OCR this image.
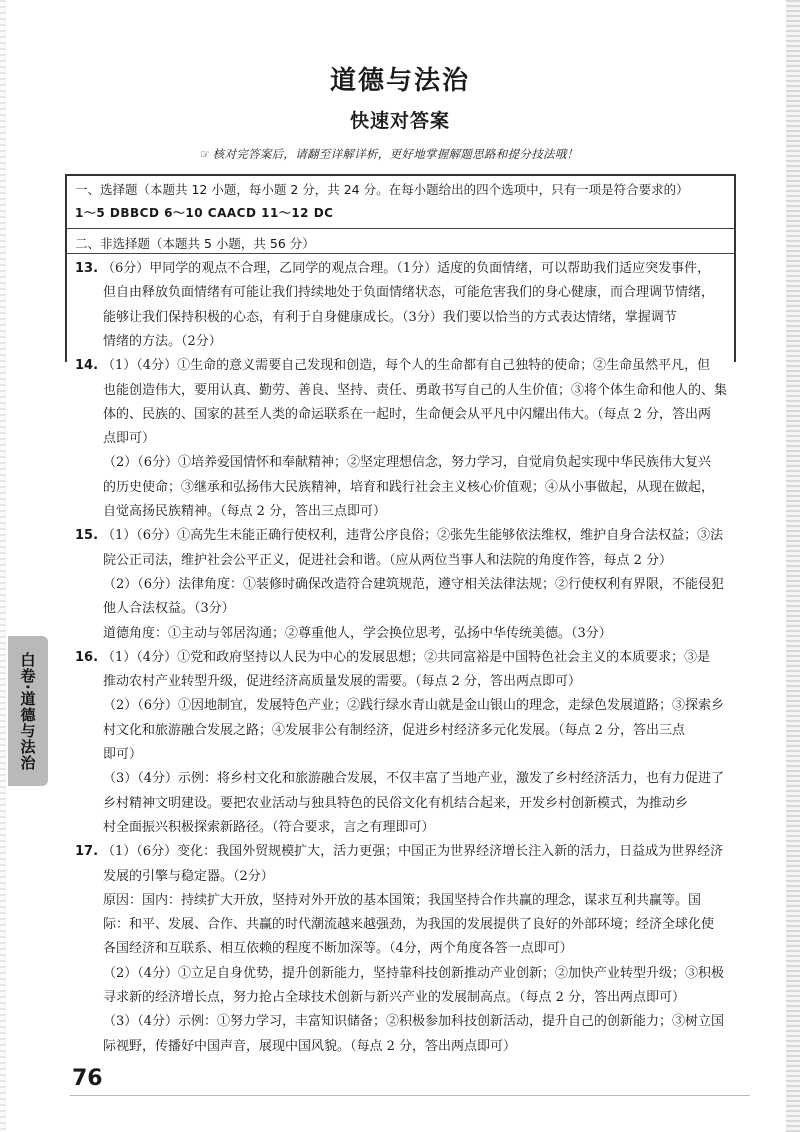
道德与法治
快速对答案
☞ 核对完答案后，请翻至详解详析，更好地掌握解题思路和提分技法哦！
一、选择题（本题共 12 小题，每小题 2 分，共 24 分。在每小题给出的四个选项中，只有一项是符合要求的）
1～5 DBBCD 6～10 CAACD 11～12 DC
二、非选择题（本题共 5 小题，共 56 分）
13. （6分）甲同学的观点不合理，乙同学的观点合理。（1分）适度的负面情绪，可以帮助我们适应突发事件，
但自由释放负面情绪有可能让我们持续地处于负面情绪状态，可能危害我们的身心健康，而合理调节情绪，
能够让我们保持积极的心态，有利于自身健康成长。（3分）我们要以恰当的方式表达情绪，掌握调节
情绪的方法。（2分）
14. （1）（4分）①生命的意义需要自己发现和创造，每个人的生命都有自己独特的使命；②生命虽然平凡，但
也能创造伟大，要用认真、勤劳、善良、坚持、责任、勇敢书写自己的人生价值；③将个体生命和他人的、集
体的、民族的、国家的甚至人类的命运联系在一起时，生命便会从平凡中闪耀出伟大。（每点 2 分，答出两
点即可）
（2）（6分）①培养爱国情怀和奉献精神；②坚定理想信念，努力学习，自觉肩负起实现中华民族伟大复兴
的历史使命；③继承和弘扬伟大民族精神，培育和践行社会主义核心价值观；④从小事做起，从现在做起，
自觉高扬民族精神。（每点 2 分，答出三点即可）
15. （1）（6分）①高先生未能正确行使权利，违背公序良俗；②张先生能够依法维权，维护自身合法权益；③法
院公正司法，维护社会公平正义，促进社会和谐。（应从两位当事人和法院的角度作答，每点 2 分）
（2）（6分）法律角度：①装修时确保改造符合建筑规范，遵守相关法律法规；②行使权利有界限，不能侵犯
他人合法权益。（3分）
道德角度：①主动与邻居沟通；②尊重他人，学会换位思考，弘扬中华传统美德。（3分）
16. （1）（4分）①党和政府坚持以人民为中心的发展思想；②共同富裕是中国特色社会主义的本质要求；③是
推动农村产业转型升级，促进经济高质量发展的需要。（每点 2 分，答出两点即可）
（2）（6分）①因地制宜，发展特色产业；②践行绿水青山就是金山银山的理念，走绿色发展道路；③探索乡
村文化和旅游融合发展之路；④发展非公有制经济，促进乡村经济多元化发展。（每点 2 分，答出三点
即可）
（3）（4分）示例：将乡村文化和旅游融合发展，不仅丰富了当地产业，激发了乡村经济活力，也有力促进了
乡村精神文明建设。要把农业活动与独具特色的民俗文化有机结合起来，开发乡村创新模式，为推动乡
村全面振兴积极探索新路径。（符合要求，言之有理即可）
17. （1）（6分）变化：我国外贸规模扩大，活力更强；中国正为世界经济增长注入新的活力，日益成为世界经济
发展的引擎与稳定器。（2分）
原因：国内：持续扩大开放，坚持对外开放的基本国策；我国坚持合作共赢的理念，谋求互利共赢等。国
际：和平、发展、合作、共赢的时代潮流越来越强劲，为我国的发展提供了良好的外部环境；经济全球化使
各国经济和互联系、相互依赖的程度不断加深等。（4分，两个角度各答一点即可）
（2）（4分）①立足自身优势，提升创新能力，坚持靠科技创新推动产业创新；②加快产业转型升级；③积极
寻求新的经济增长点，努力抢占全球技术创新与新兴产业的发展制高点。（每点 2 分，答出两点即可）
（3）（4分）示例：①努力学习，丰富知识储备；②积极参加科技创新活动，提升自己的创新能力；③树立国
际视野，传播好中国声音，展现中国风貌。（每点 2 分，答出两点即可）
白卷·道德与法治
76
